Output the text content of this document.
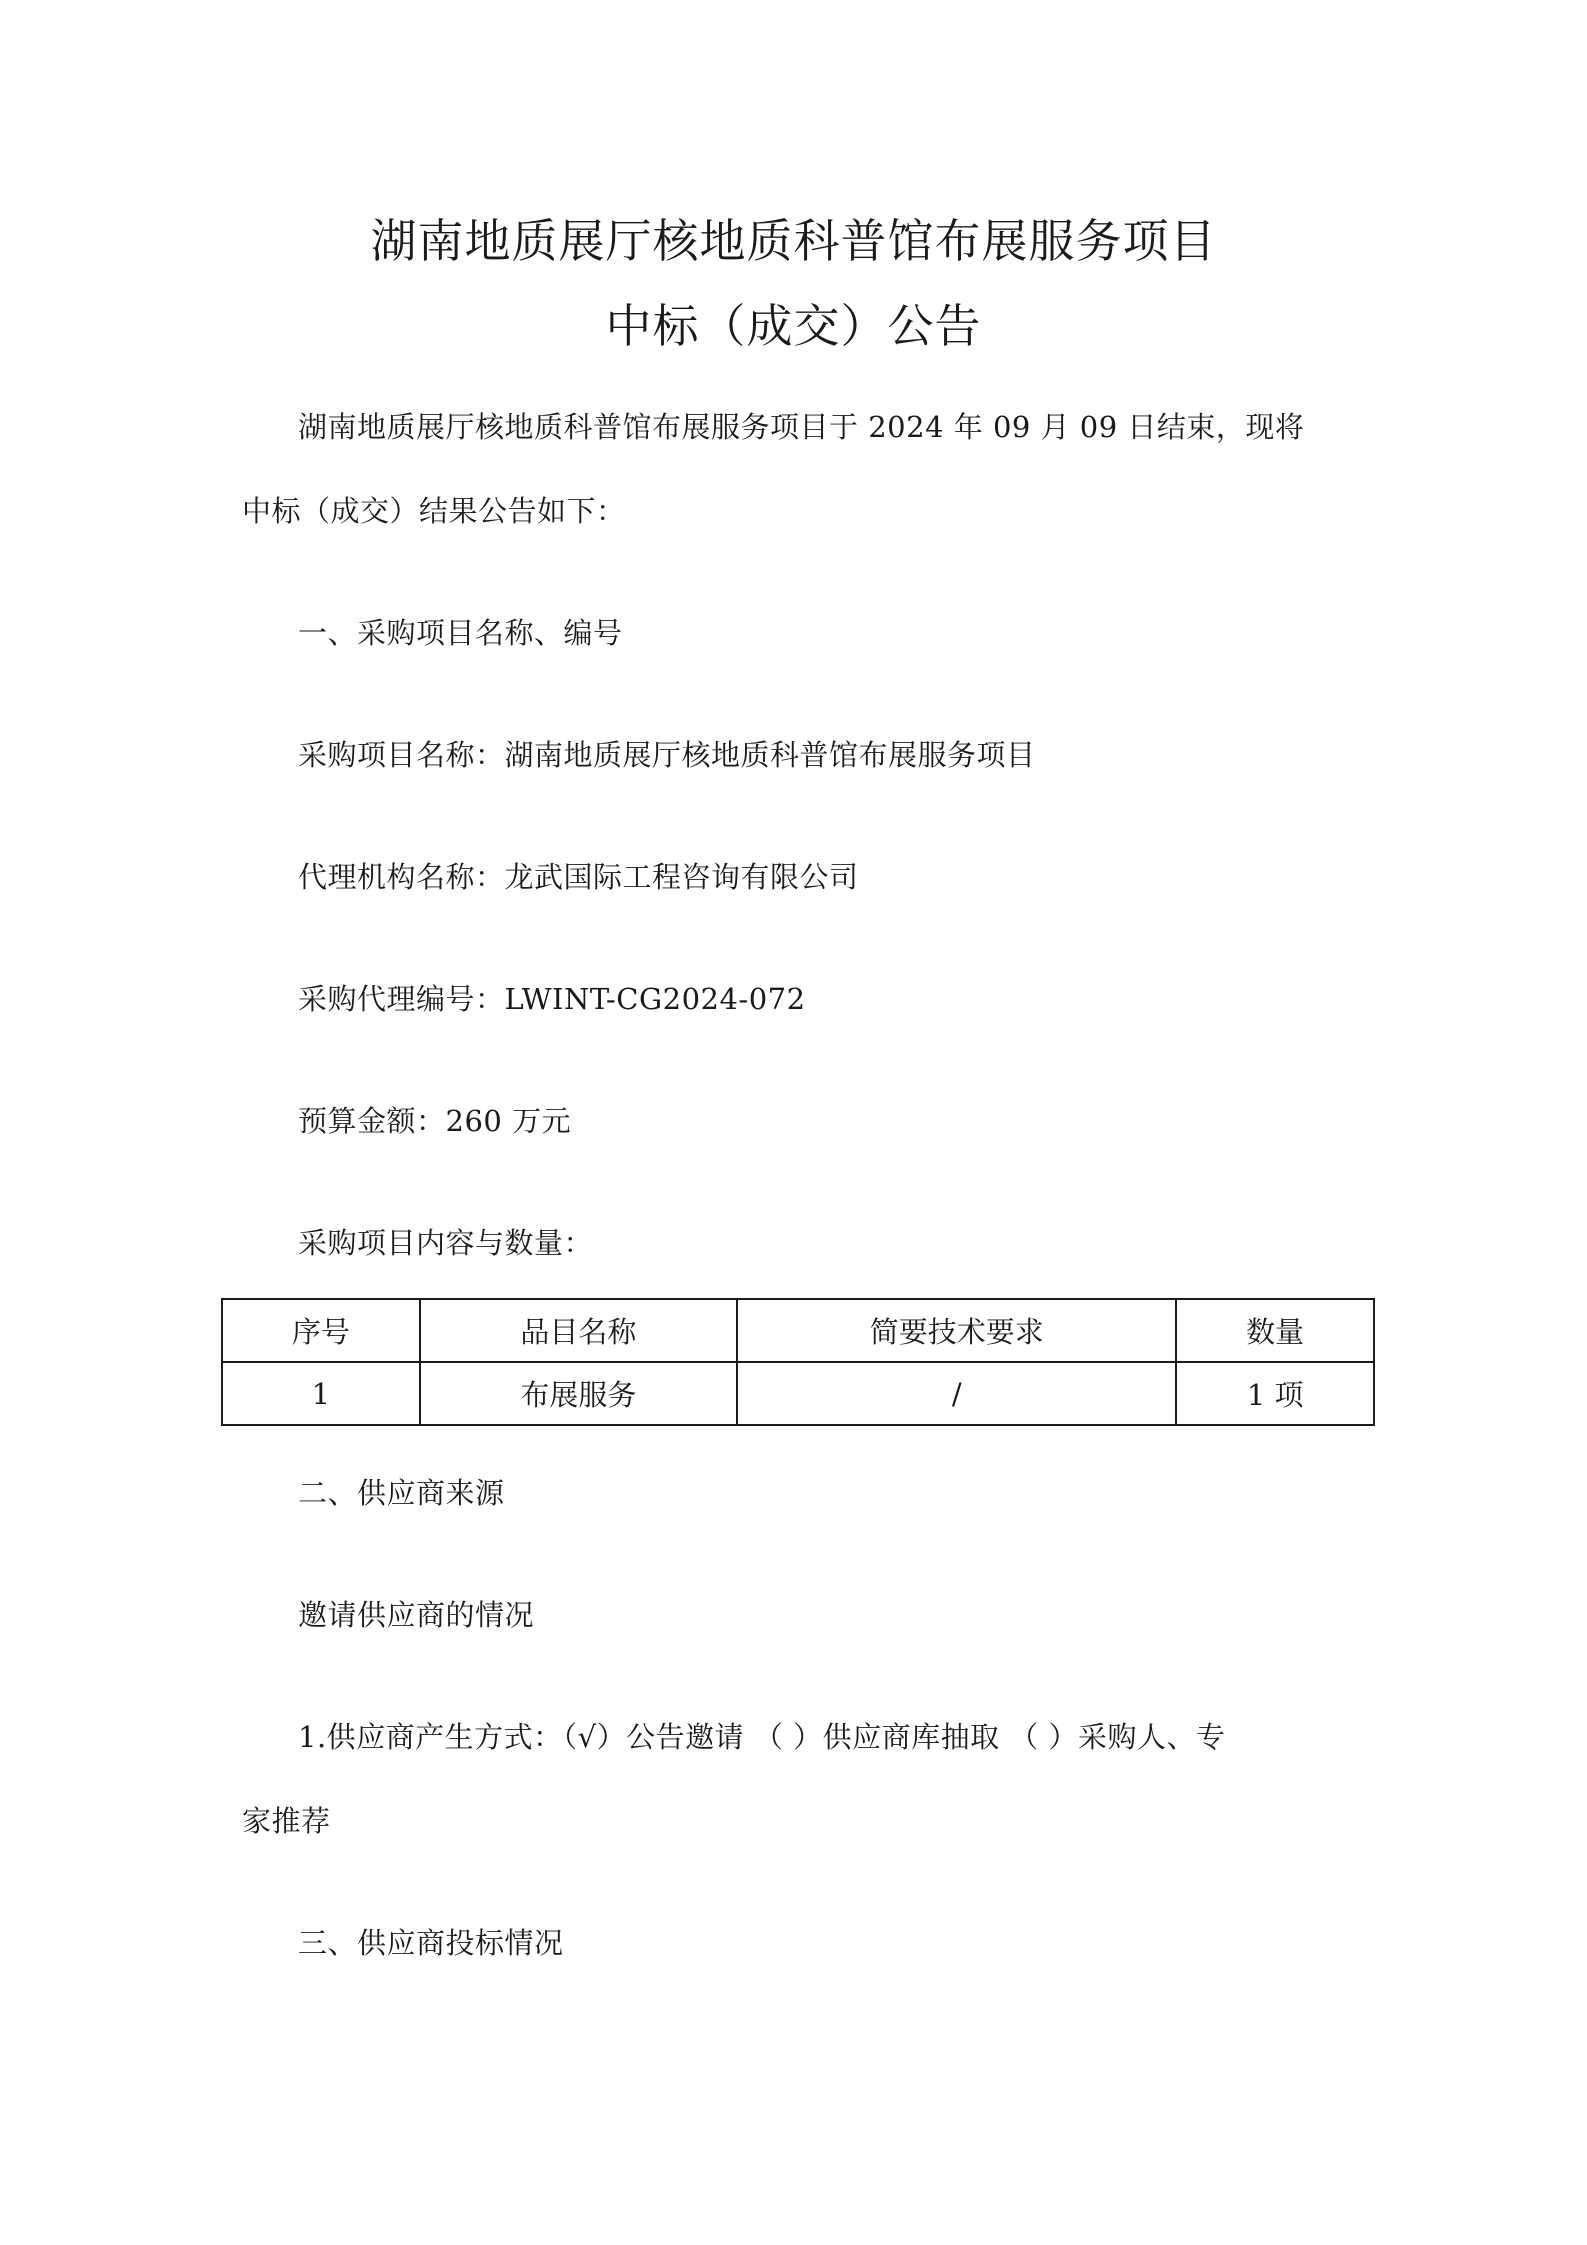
湖南地质展厅核地质科普馆布展服务项目
中标（成交）公告
湖南地质展厅核地质科普馆布展服务项目于 2024 年 09 月 09 日结束，现将
中标（成交）结果公告如下：
一、采购项目名称、编号
采购项目名称：湖南地质展厅核地质科普馆布展服务项目
代理机构名称：龙武国际工程咨询有限公司
采购代理编号：LWINT-CG2024-072
预算金额：260 万元
采购项目内容与数量：
序号	品目名称	简要技术要求	数量
1	布展服务	/	1 项
二、供应商来源
邀请供应商的情况
1.供应商产生方式：（√）公告邀请 （ ）供应商库抽取 （ ）采购人、专
家推荐
三、供应商投标情况
